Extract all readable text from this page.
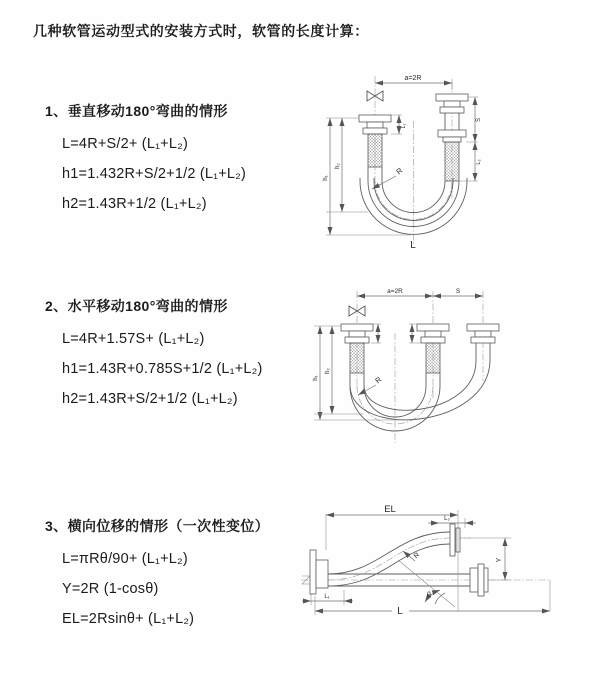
几种软管运动型式的安装方式时，软管的长度计算：
1、垂直移动180°弯曲的情形
L=4R+S/2+ (L₁+L₂)
h1=1.432R+S/2+1/2 (L₁+L₂)
h2=1.43R+1/2 (L₁+L₂)
2、水平移动180°弯曲的情形
L=4R+1.57S+ (L₁+L₂)
h1=1.43R+0.785S+1/2 (L₁+L₂)
h2=1.43R+S/2+1/2 (L₁+L₂)
3、横向位移的情形（一次性变位）
L=πRθ/90+ (L₁+L₂)
Y=2R (1-cosθ)
EL=2Rsinθ+ (L₁+L₂)
a=2R
L₁
S
L₂
h₁
h₂	R
L
a=2R	S
h₁
h₂
R
θ
EL
L₂
Y
R
L
L₁
